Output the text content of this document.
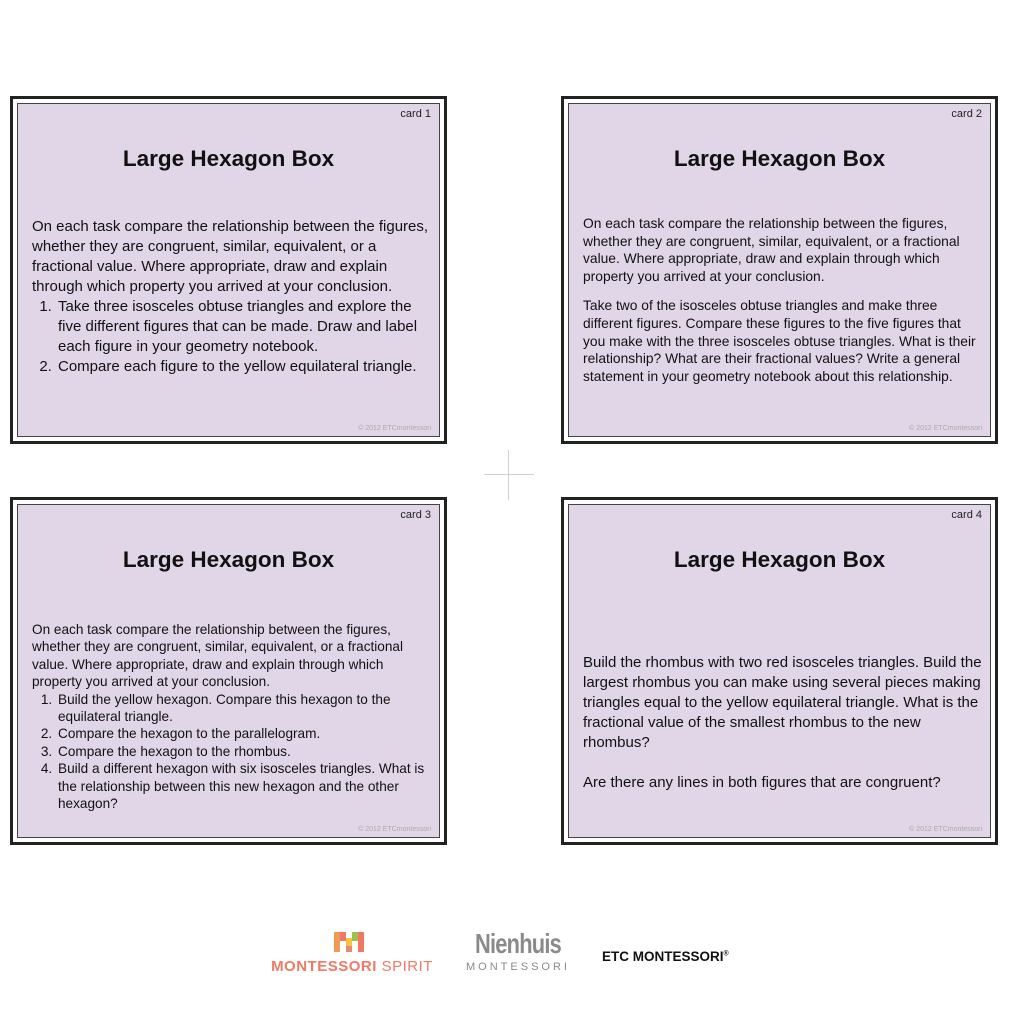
card 1
Large Hexagon Box

On each task compare the relationship between the figures, whether they are congruent, similar, equivalent, or a fractional value. Where appropriate, draw and explain through which property you arrived at your conclusion.

1. Take three isosceles obtuse triangles and explore the five different figures that can be made. Draw and label each figure in your geometry notebook.
2. Compare each figure to the yellow equilateral triangle.
© 2012 ETCmontessori
card 2
Large Hexagon Box

On each task compare the relationship between the figures, whether they are congruent, similar, equivalent, or a fractional value. Where appropriate, draw and explain through which property you arrived at your conclusion.

Take two of the isosceles obtuse triangles and make three different figures. Compare these figures to the five figures that you make with the three isosceles obtuse triangles. What is their relationship? What are their fractional values? Write a general statement in your geometry notebook about this relationship.

© 2012 ETCmontessori
card 3
Large Hexagon Box

On each task compare the relationship between the figures, whether they are congruent, similar, equivalent, or a fractional value. Where appropriate, draw and explain through which property you arrived at your conclusion.

1. Build the yellow hexagon. Compare this hexagon to the equilateral triangle.
2. Compare the hexagon to the parallelogram.
3. Compare the hexagon to the rhombus.
4. Build a different hexagon with six isosceles triangles. What is the relationship between this new hexagon and the other hexagon?
© 2012 ETCmontessori
card 4
Large Hexagon Box

Build the rhombus with two red isosceles triangles. Build the largest rhombus you can make using several pieces making triangles equal to the yellow equilateral triangle. What is the fractional value of the smallest rhombus to the new rhombus?

Are there any lines in both figures that are congruent?

© 2012 ETCmontessori
MONTESSORI SPIRIT
Nienhuis
MONTESSORI
ETC MONTESSORI®
